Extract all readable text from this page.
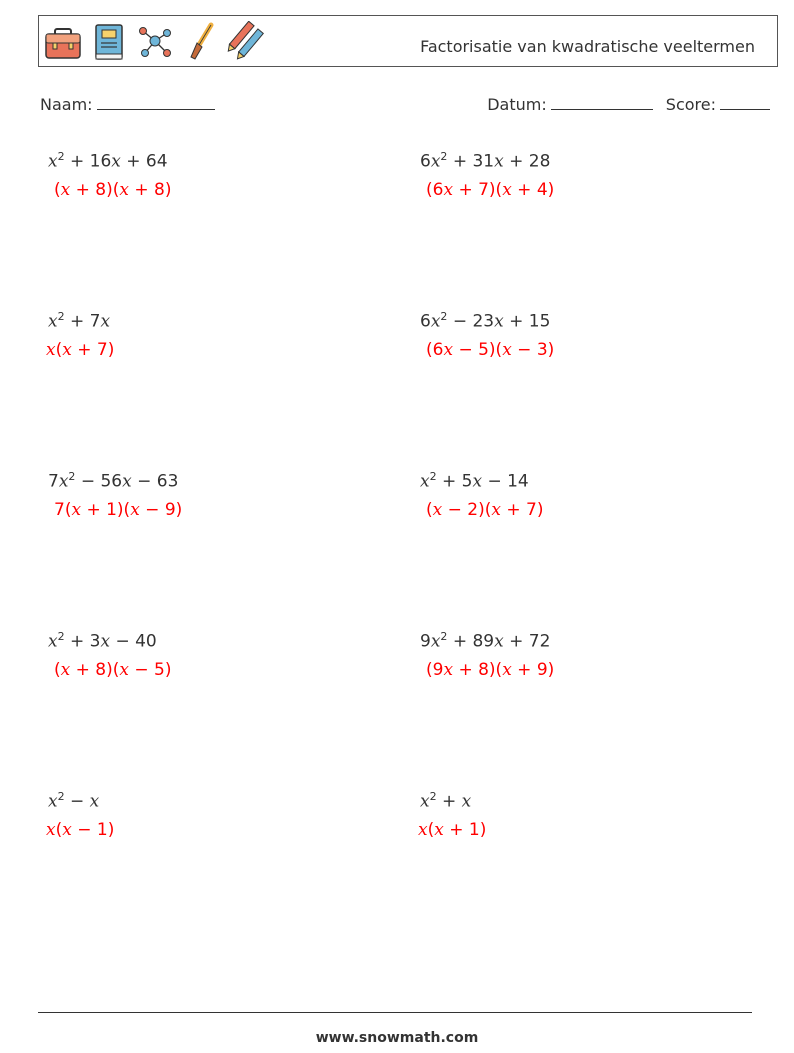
Factorisatie van kwadratische veeltermen
Naam:	Datum:	Score:
$x^2 + 16x + 64$
(x + 8)(x + 8)
$6x^2 + 31x + 28$
(6x + 7)(x + 4)
$x^2 + 7x$
x(x + 7)
$6x^2 - 23x + 15$
(6x − 5)(x − 3)
$7x^2 - 56x - 63$
7(x + 1)(x − 9)
$x^2 + 5x - 14$
(x − 2)(x + 7)
$x^2 + 3x - 40$
(x + 8)(x − 5)
$9x^2 + 89x + 72$
(9x + 8)(x + 9)
$x^2 - x$
x(x − 1)
$x^2 + x$
x(x + 1)
www.snowmath.com
